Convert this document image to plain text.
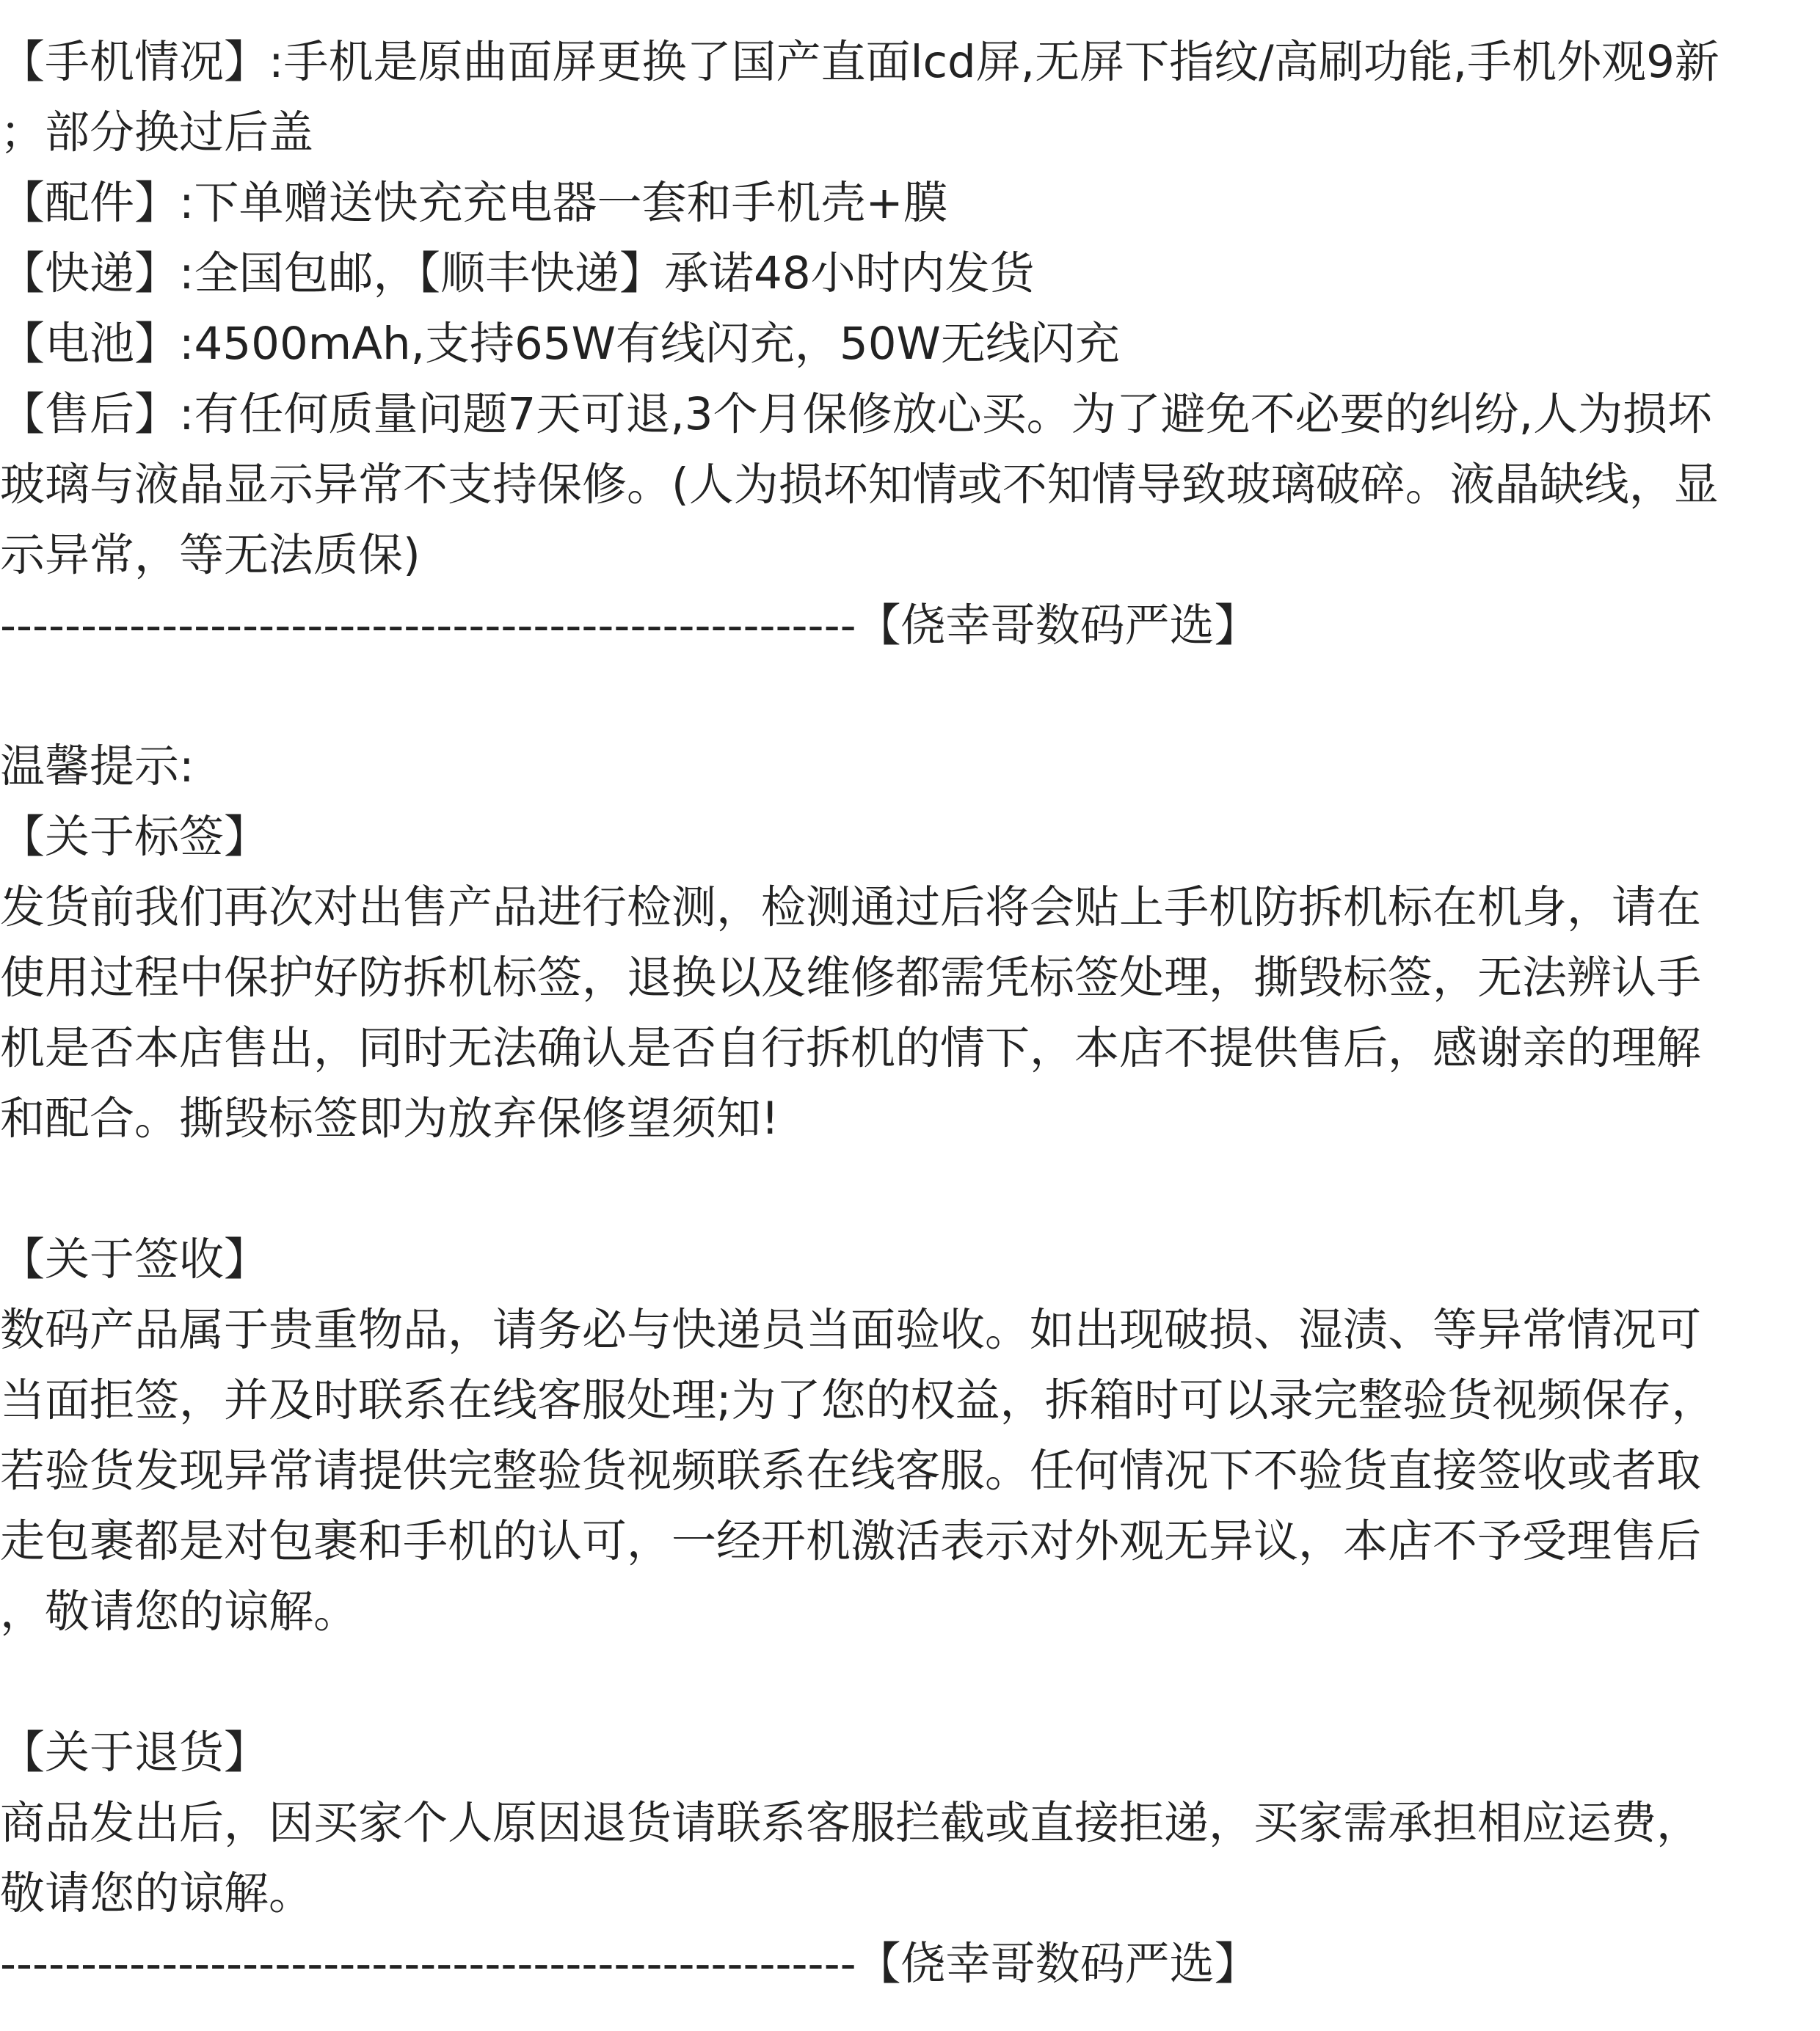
【手机情况】:手机是原曲面屏更换了国产直面lcd屏,无屏下指纹/高刷功能,手机外观9新
；部分换过后盖
【配件】:下单赠送快充充电器一套和手机壳+膜
【快递】:全国包邮，【顺丰快递】承诺48小时内发货
【电池】:4500mAh,支持65W有线闪充，50W无线闪充
【售后】:有任何质量问题7天可退,3个月保修放心买。为了避免不必要的纠纷,人为损坏
玻璃与液晶显示异常不支持保修。(人为损坏知情或不知情导致玻璃破碎。液晶缺线，显
示异常，等无法质保)
-----------------------------------------------------【侥幸哥数码严选】
温馨提示:
【关于标签】
发货前我们再次对出售产品进行检测，检测通过后将会贴上手机防拆机标在机身，请在
使用过程中保护好防拆机标签，退换以及维修都需凭标签处理，撕毁标签，无法辨认手
机是否本店售出，同时无法确认是否自行拆机的情下，本店不提供售后，感谢亲的理解
和配合。撕毁标签即为放弃保修望须知!
【关于签收】
数码产品属于贵重物品，请务必与快递员当面验收。如出现破损、湿渍、等异常情况可
当面拒签，并及时联系在线客服处理;为了您的权益，拆箱时可以录完整验货视频保存，
若验货发现异常请提供完整验货视频联系在线客服。任何情况下不验货直接签收或者取
走包裹都是对包裹和手机的认可，一经开机激活表示对外观无异议，本店不予受理售后
，敬请您的谅解。
【关于退货】
商品发出后，因买家个人原因退货请联系客服拦截或直接拒递，买家需承担相应运费，
敬请您的谅解。
-----------------------------------------------------【侥幸哥数码严选】
